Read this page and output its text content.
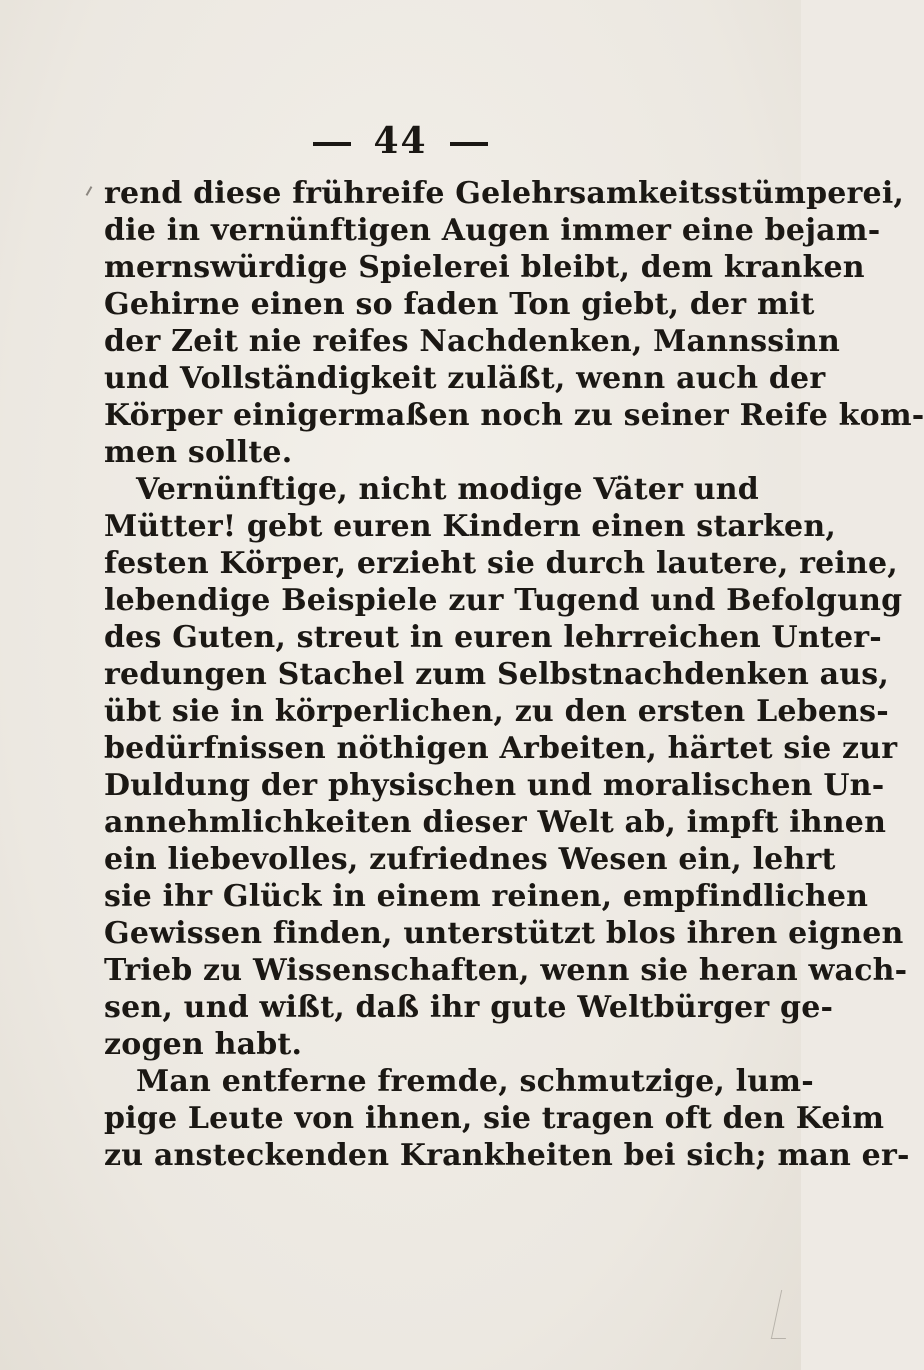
44
rend diese frühreife Gelehrsamkeitsstümperei,
die in vernünftigen Augen immer eine bejam-
mernswürdige Spielerei bleibt, dem kranken
Gehirne einen so faden Ton giebt, der mit
der Zeit nie reifes Nachdenken, Mannssinn
und Vollständigkeit zuläßt, wenn auch der
Körper einigermaßen noch zu seiner Reife kom-
men sollte.
Vernünftige, nicht modige Väter und
Mütter! gebt euren Kindern einen starken,
festen Körper, erzieht sie durch lautere, reine,
lebendige Beispiele zur Tugend und Befolgung
des Guten, streut in euren lehrreichen Unter-
redungen Stachel zum Selbstnachdenken aus,
übt sie in körperlichen, zu den ersten Lebens-
bedürfnissen nöthigen Arbeiten, härtet sie zur
Duldung der physischen und moralischen Un-
annehmlichkeiten dieser Welt ab, impft ihnen
ein liebevolles, zufriednes Wesen ein, lehrt
sie ihr Glück in einem reinen, empfindlichen
Gewissen finden, unterstützt blos ihren eignen
Trieb zu Wissenschaften, wenn sie heran wach-
sen, und wißt, daß ihr gute Weltbürger ge-
zogen habt.
Man entferne fremde, schmutzige, lum-
pige Leute von ihnen, sie tragen oft den Keim
zu ansteckenden Krankheiten bei sich; man er-
